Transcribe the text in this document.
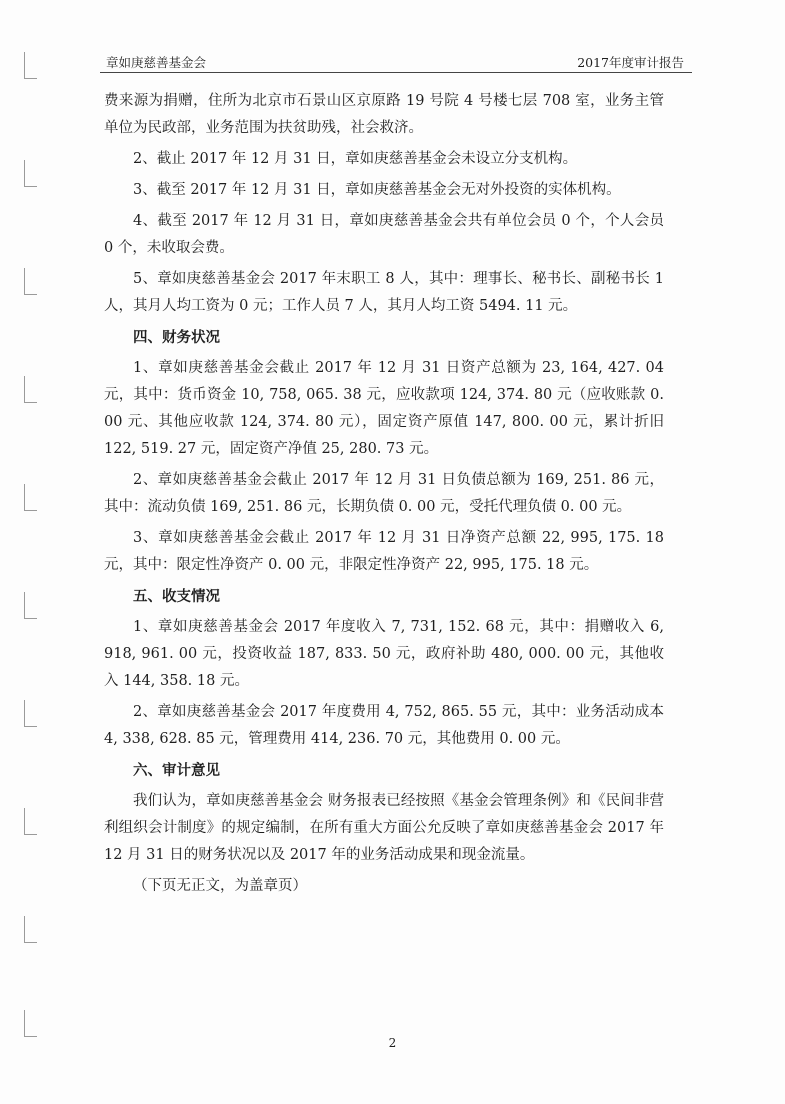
章如庚慈善基金会	2017年度审计报告

费来源为捐赠，住所为北京市石景山区京原路 19 号院 4 号楼七层 708 室，业务主管单位为民政部，业务范围为扶贫助残，社会救济。

2、截止 2017 年 12 月 31 日，章如庚慈善基金会未设立分支机构。

3、截至 2017 年 12 月 31 日，章如庚慈善基金会无对外投资的实体机构。

4、截至 2017 年 12 月 31 日，章如庚慈善基金会共有单位会员 0 个，个人会员 0 个，未收取会费。

5、章如庚慈善基金会 2017 年末职工 8 人，其中：理事长、秘书长、副秘书长 1 人，其月人均工资为 0 元；工作人员 7 人，其月人均工资 5494. 11 元。

四、财务状况

1、章如庚慈善基金会截止 2017 年 12 月 31 日资产总额为 23, 164, 427. 04 元，其中：货币资金 10, 758, 065. 38 元，应收款项 124, 374. 80 元（应收账款 0. 00 元、其他应收款 124, 374. 80 元），固定资产原值 147, 800. 00 元，累计折旧 122, 519. 27 元，固定资产净值 25, 280. 73 元。

2、章如庚慈善基金会截止 2017 年 12 月 31 日负债总额为 169, 251. 86 元，其中：流动负债 169, 251. 86 元，长期负债 0. 00 元，受托代理负债 0. 00 元。

3、章如庚慈善基金会截止 2017 年 12 月 31 日净资产总额 22, 995, 175. 18 元，其中：限定性净资产 0. 00 元，非限定性净资产 22, 995, 175. 18 元。

五、收支情况

1、章如庚慈善基金会 2017 年度收入 7, 731, 152. 68 元，其中：捐赠收入 6, 918, 961. 00 元，投资收益 187, 833. 50 元，政府补助 480, 000. 00 元，其他收入 144, 358. 18 元。

2、章如庚慈善基金会 2017 年度费用 4, 752, 865. 55 元，其中：业务活动成本 4, 338, 628. 85 元，管理费用 414, 236. 70 元，其他费用 0. 00 元。

六、审计意见

我们认为，章如庚慈善基金会 财务报表已经按照《基金会管理条例》和《民间非营利组织会计制度》的规定编制，在所有重大方面公允反映了章如庚慈善基金会 2017 年 12 月 31 日的财务状况以及 2017 年的业务活动成果和现金流量。

（下页无正文，为盖章页）

2
